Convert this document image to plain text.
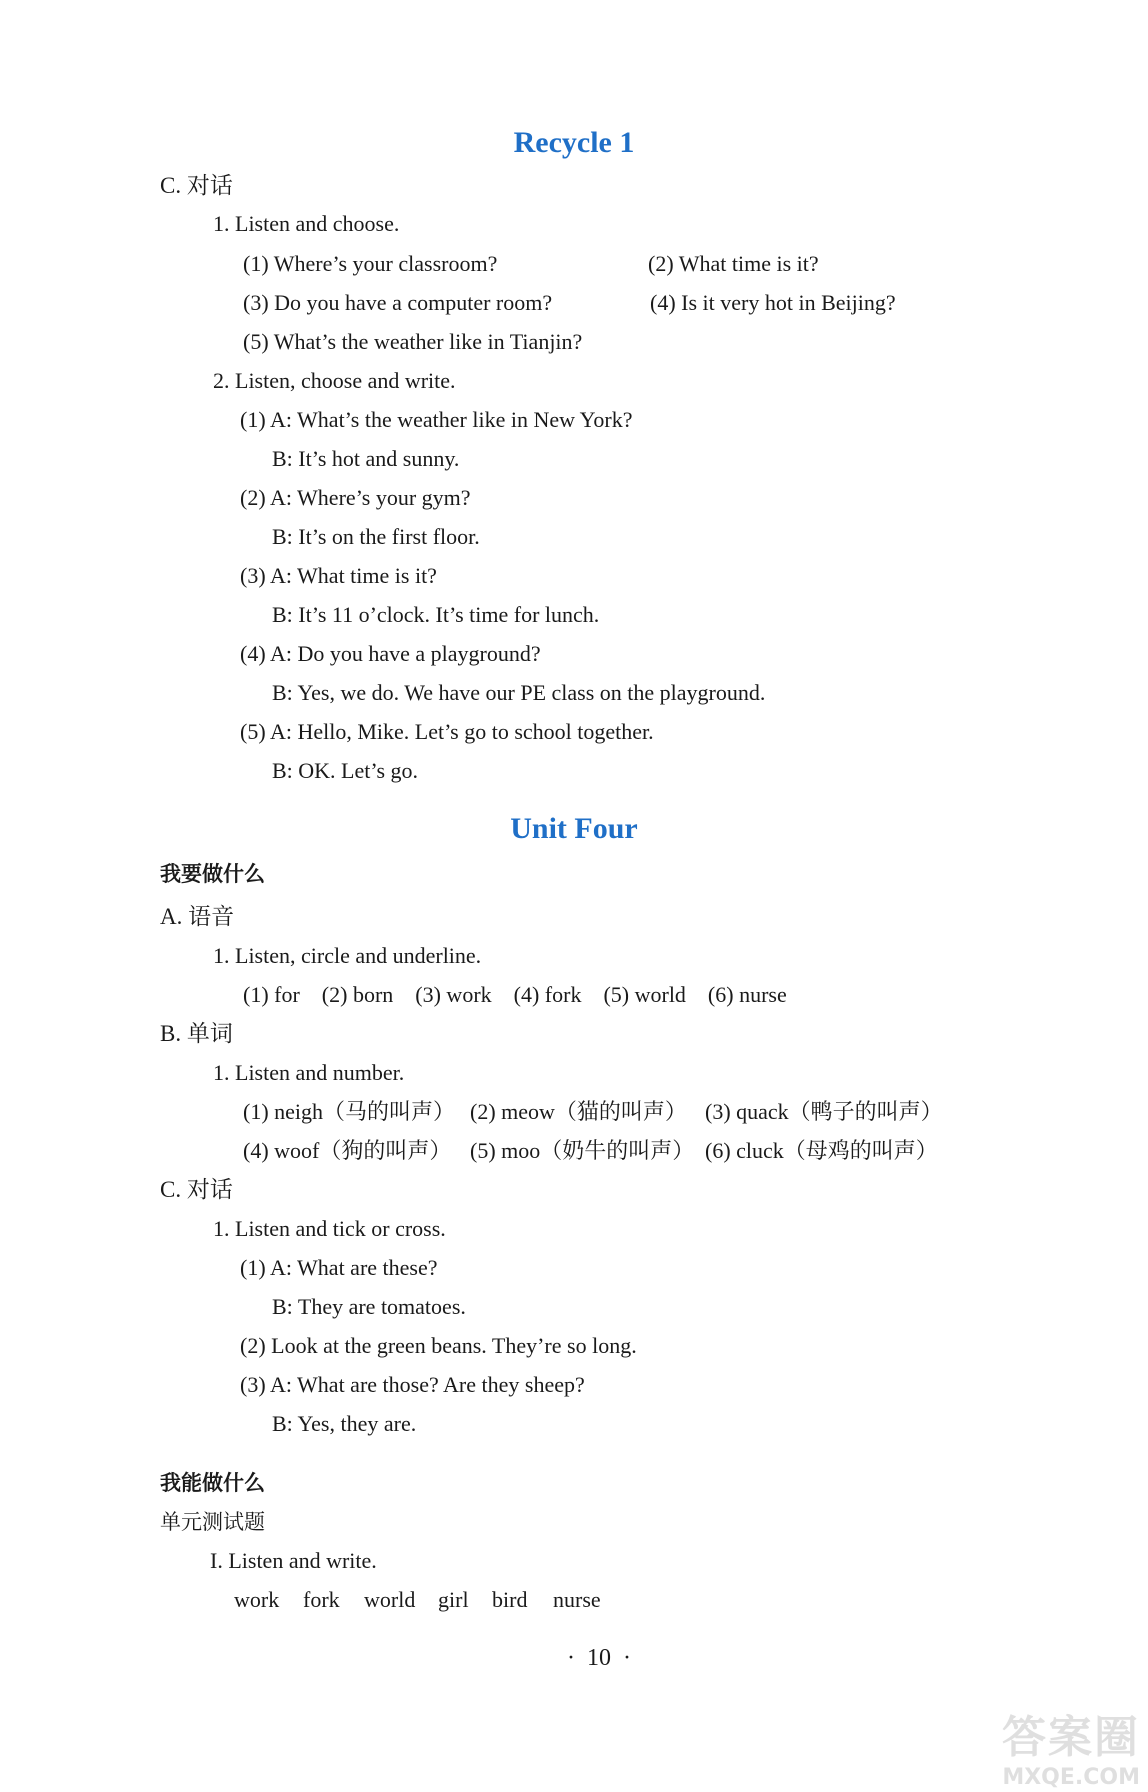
Recycle 1
C. 对话
1. Listen and choose.
(1) Where’s your classroom?	(2) What time is it?
(3) Do you have a computer room?	(4) Is it very hot in Beijing?
(5) What’s the weather like in Tianjin?
2. Listen, choose and write.
(1) A: What’s the weather like in New York?
B: It’s hot and sunny.
(2) A: Where’s your gym?
B: It’s on the first floor.
(3) A: What time is it?
B: It’s 11 o’clock. It’s time for lunch.
(4) A: Do you have a playground?
B: Yes, we do. We have our PE class on the playground.
(5) A: Hello, Mike. Let’s go to school together.
B: OK. Let’s go.
Unit Four
我要做什么
A. 语音
1. Listen, circle and underline.
(1) for    (2) born    (3) work    (4) fork    (5) world    (6) nurse
B. 单词
1. Listen and number.
(1) neigh（马的叫声） (2) meow（猫的叫声） (3) quack（鸭子的叫声）
(4) woof（狗的叫声） (5) moo（奶牛的叫声） (6) cluck（母鸡的叫声）
C. 对话
1. Listen and tick or cross.
(1) A: What are these?
B: They are tomatoes.
(2) Look at the green beans. They’re so long.
(3) A: What are those? Are they sheep?
B: Yes, they are.
我能做什么
单元测试题
I. Listen and write.
work fork world girl bird nurse
·  10  ·
答案圈
MXQE.COM
